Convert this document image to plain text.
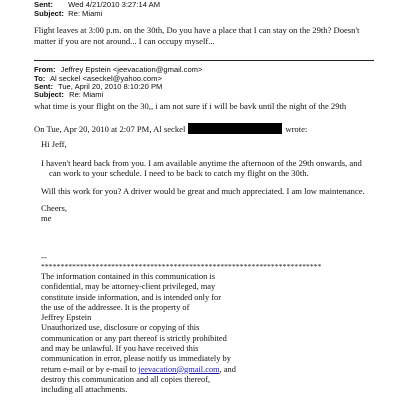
Sent: Wed 4/21/2010 3:27:14 AM
Subject: Re: Miami
Flight leaves at 3:00 p.m. on the 30th, Do you have a place that I can stay on the 29th? Doesn't
matter if you are not around... I can occupy myself...
From: Jeffrey Epstein <jeevacation@gmail.com>
To: Al seckel <aseckel@yahoo.com>
Sent: Tue, April 20, 2010 8:10:20 PM
Subject: Re: Miami
what time is your flight on the 30,, i am not sure if i will be bavk until the night of the 29th
On Tue, Apr 20, 2010 at 2:07 PM, Al seckel	wrote:
Hi Jeff,
I haven't heard back from you. I am available anytime the afternoon of the 29th onwards, and
can work to your schedule. I need to be back to catch my flight on the 30th.
Will this work for you? A driver would be great and much appreciated. I am low maintenance.
Cheers,
me
--
************************************************************************
The information contained in this communication is
confidential, may be attorney-client privileged, may
constitute inside information, and is intended only for
the use of the addressee. It is the property of
Jeffrey Epstein
Unauthorized use, disclosure or copying of this
communication or any part thereof is strictly prohibited
and may be unlawful. If you have received this
communication in error, please notify us immediately by
return e-mail or by e-mail to jeevacation@gmail.com, and
destroy this communication and all copies thereof,
including all attachments.
